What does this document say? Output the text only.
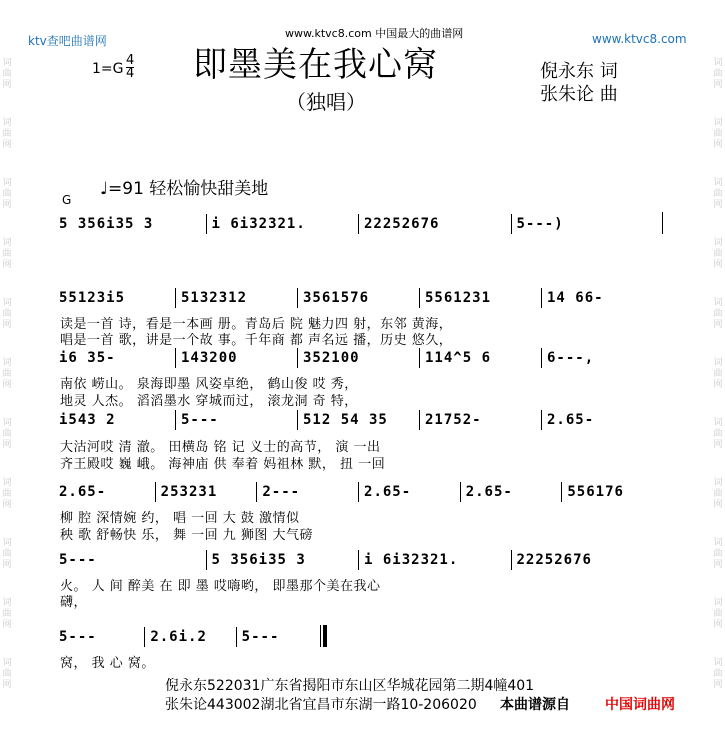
词曲网
词曲网
词曲网
词曲网
词曲网
词曲网
词曲网
词曲网
词曲网
词曲网
词曲网
词曲网
词曲网
词曲网
词曲网
词曲网
词曲网
词曲网
词曲网
词曲网
词曲网
词曲网
ktv查吧曲谱网
www.ktvc8.com 中国最大的曲谱网	www.ktvc8.com
即墨美在我心窝
（独唱）
1=G
4
4	倪永东 词
张朱论 曲
♩=91 轻松愉快甜美地
G
5 356i35 3	i 6i32321.	22252676	5---)
55123i5	5132312	3561576	5561231	14 66-
读是一首 诗，看是一本画 册。青岛后 院 魅力四 射，东邻 黄海，
唱是一首 歌，讲是一个故 事。千年商 都 声名远 播，历史 悠久，
i6 35-	143200	352100	114^5 6	6---,
南依 崂山。 泉海即墨 风姿卓绝， 鹤山俊 哎 秀，
地灵 人杰。 滔滔墨水 穿城而过， 滚龙洞 奇 特，
i543 2	5---	512 54 35	21752-	2.65-
大沽河哎 清 澈。 田横岛 铭 记 义士的高节， 演 一出
齐王殿哎 巍 峨。 海神庙 供 奉着 妈祖林 默， 扭 一回
2.65-	253231	2---	2.65-	2.65-	556176
柳 腔 深情婉 约， 唱 一回 大 鼓 激情似
秧 歌 舒畅快 乐， 舞 一回 九 狮图 大气磅
5---	5 356i35 3	i 6i32321.	22252676
火。 人 间 醉美 在 即 墨 哎嗨哟， 即墨那个美在我心
礴，
5---	2.6i.2	5---
窝， 我 心 窝。
倪永东522031广东省揭阳市东山区华城花园第二期4幢401
张朱论443002湖北省宜昌市东湖一路10-206020	本曲谱源自	中国词曲网
